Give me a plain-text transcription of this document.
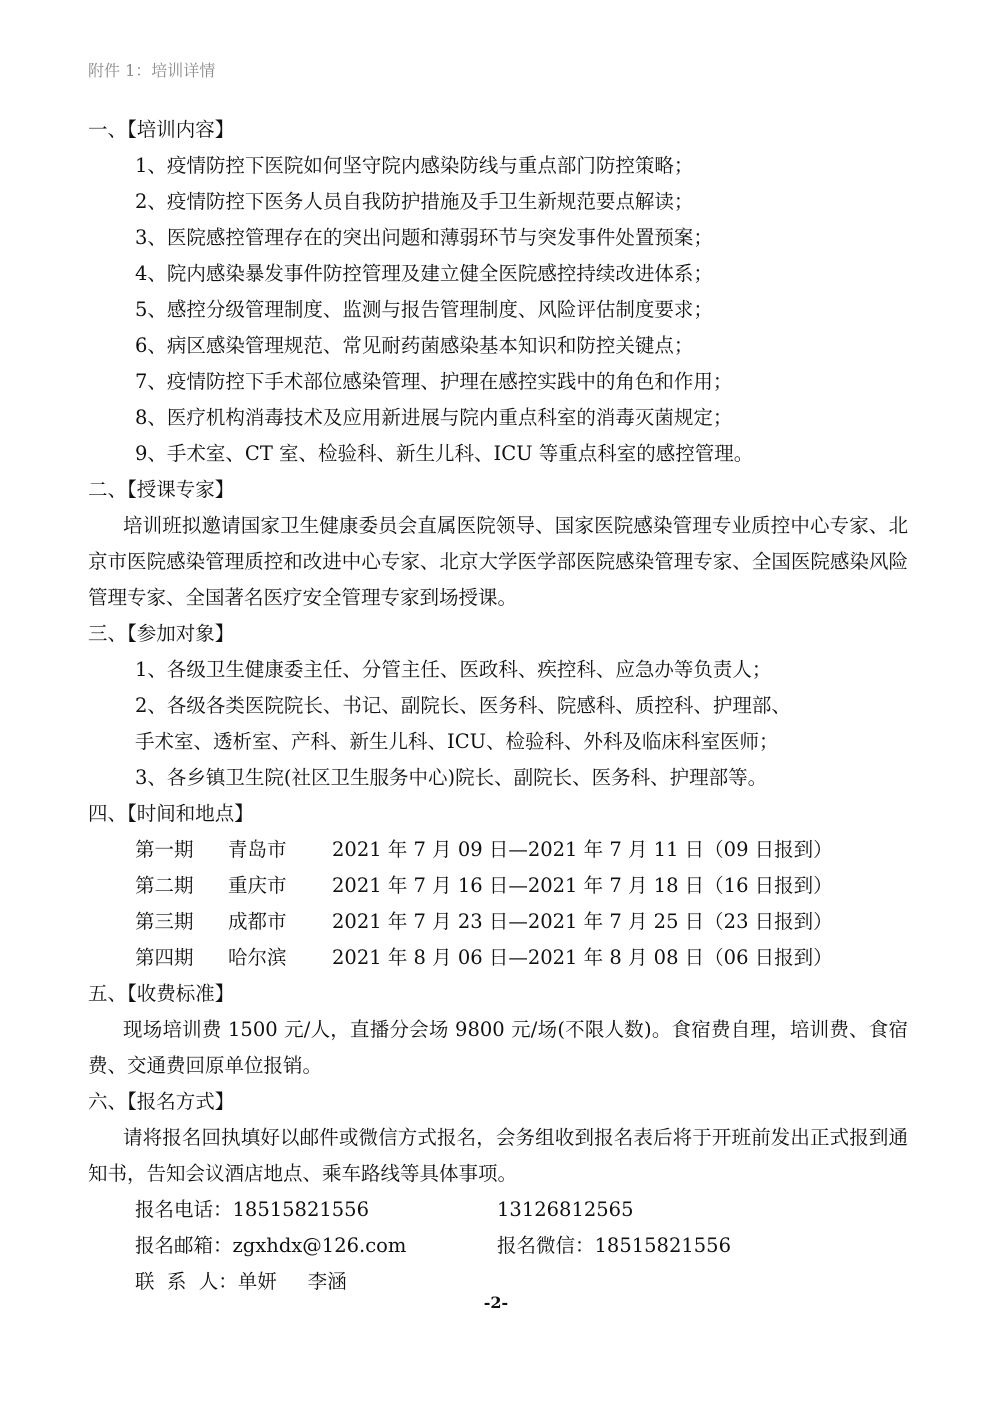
附件 1：培训详情
一、【培训内容】
1、疫情防控下医院如何坚守院内感染防线与重点部门防控策略；
2、疫情防控下医务人员自我防护措施及手卫生新规范要点解读；
3、医院感控管理存在的突出问题和薄弱环节与突发事件处置预案；
4、院内感染暴发事件防控管理及建立健全医院感控持续改进体系；
5、感控分级管理制度、监测与报告管理制度、风险评估制度要求；
6、病区感染管理规范、常见耐药菌感染基本知识和防控关键点；
7、疫情防控下手术部位感染管理、护理在感控实践中的角色和作用；
8、医疗机构消毒技术及应用新进展与院内重点科室的消毒灭菌规定；
9、手术室、CT 室、检验科、新生儿科、ICU 等重点科室的感控管理。
二、【授课专家】
培训班拟邀请国家卫生健康委员会直属医院领导、国家医院感染管理专业质控中心专家、北京市医院感染管理质控和改进中心专家、北京大学医学部医院感染管理专家、全国医院感染风险管理专家、全国著名医疗安全管理专家到场授课。
三、【参加对象】
1、各级卫生健康委主任、分管主任、医政科、疾控科、应急办等负责人；
2、各级各类医院院长、书记、副院长、医务科、院感科、质控科、护理部、
手术室、透析室、产科、新生儿科、ICU、检验科、外科及临床科室医师；
3、各乡镇卫生院(社区卫生服务中心)院长、副院长、医务科、护理部等。
四、【时间和地点】
第一期 青岛市 2021 年 7 月 09 日—2021 年 7 月 11 日（09 日报到）
第二期 重庆市 2021 年 7 月 16 日—2021 年 7 月 18 日（16 日报到）
第三期 成都市 2021 年 7 月 23 日—2021 年 7 月 25 日（23 日报到）
第四期 哈尔滨 2021 年 8 月 06 日—2021 年 8 月 08 日（06 日报到）
五、【收费标准】
现场培训费 1500 元/人，直播分会场 9800 元/场(不限人数)。食宿费自理，培训费、食宿费、交通费回原单位报销。
六、【报名方式】
请将报名回执填好以邮件或微信方式报名，会务组收到报名表后将于开班前发出正式报到通知书，告知会议酒店地点、乘车路线等具体事项。
报名电话：18515821556	13126812565
报名邮箱：zgxhdx@126.com	报名微信：18515821556
联  系  人：单妍     李涵
-2-
